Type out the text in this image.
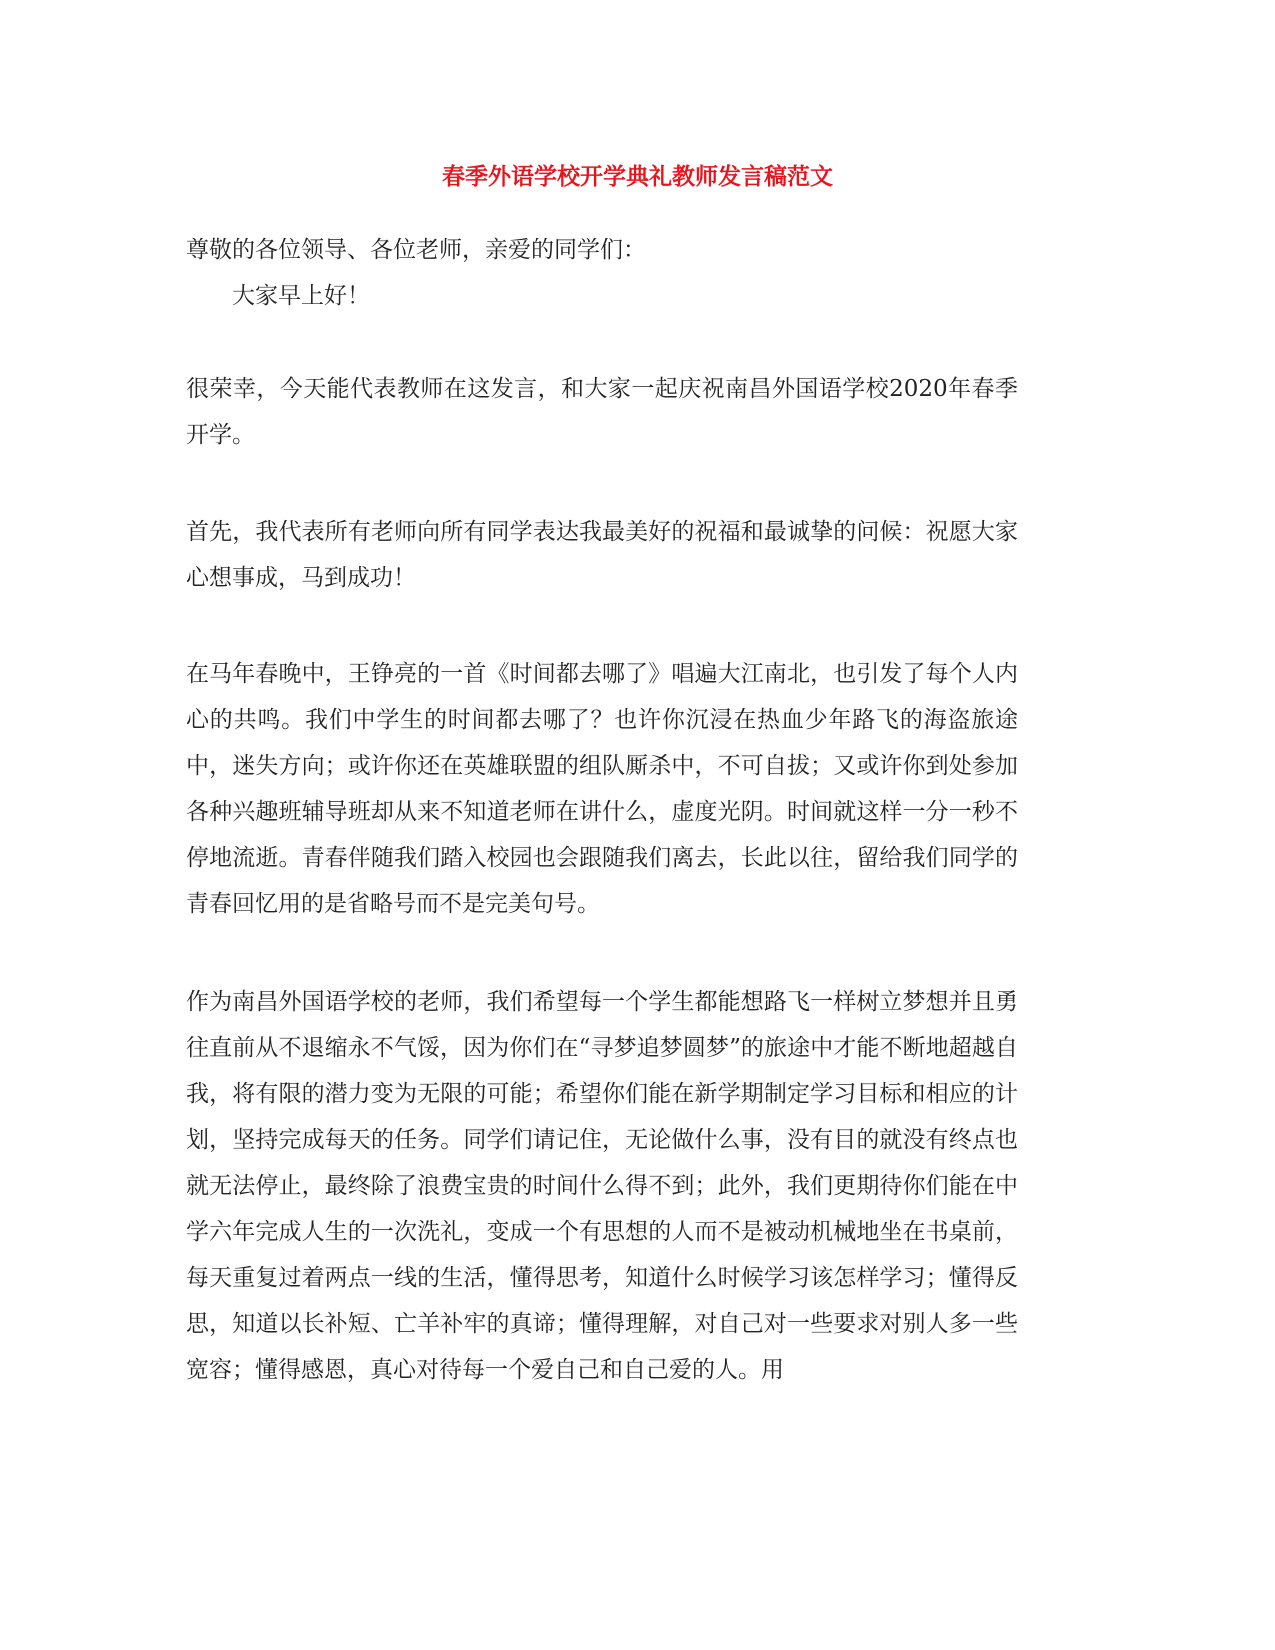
春季外语学校开学典礼教师发言稿范文

尊敬的各位领导、各位老师，亲爱的同学们：

大家早上好！

很荣幸，今天能代表教师在这发言，和大家一起庆祝南昌外国语学校2020年春季开学。

首先，我代表所有老师向所有同学表达我最美好的祝福和最诚挚的问候：祝愿大家心想事成，马到成功！

在马年春晚中，王铮亮的一首《时间都去哪了》唱遍大江南北，也引发了每个人内心的共鸣。我们中学生的时间都去哪了？也许你沉浸在热血少年路飞的海盗旅途中，迷失方向；或许你还在英雄联盟的组队厮杀中，不可自拔；又或许你到处参加各种兴趣班辅导班却从来不知道老师在讲什么，虚度光阴。时间就这样一分一秒不停地流逝。青春伴随我们踏入校园也会跟随我们离去，长此以往，留给我们同学的青春回忆用的是省略号而不是完美句号。

作为南昌外国语学校的老师，我们希望每一个学生都能想路飞一样树立梦想并且勇往直前从不退缩永不气馁，因为你们在“寻梦追梦圆梦”的旅途中才能不断地超越自我，将有限的潜力变为无限的可能；希望你们能在新学期制定学习目标和相应的计划，坚持完成每天的任务。同学们请记住，无论做什么事，没有目的就没有终点也就无法停止，最终除了浪费宝贵的时间什么得不到；此外，我们更期待你们能在中学六年完成人生的一次洗礼，变成一个有思想的人而不是被动机械地坐在书桌前，每天重复过着两点一线的生活，懂得思考，知道什么时候学习该怎样学习；懂得反思，知道以长补短、亡羊补牢的真谛；懂得理解，对自己对一些要求对别人多一些宽容；懂得感恩，真心对待每一个爱自己和自己爱的人。用
